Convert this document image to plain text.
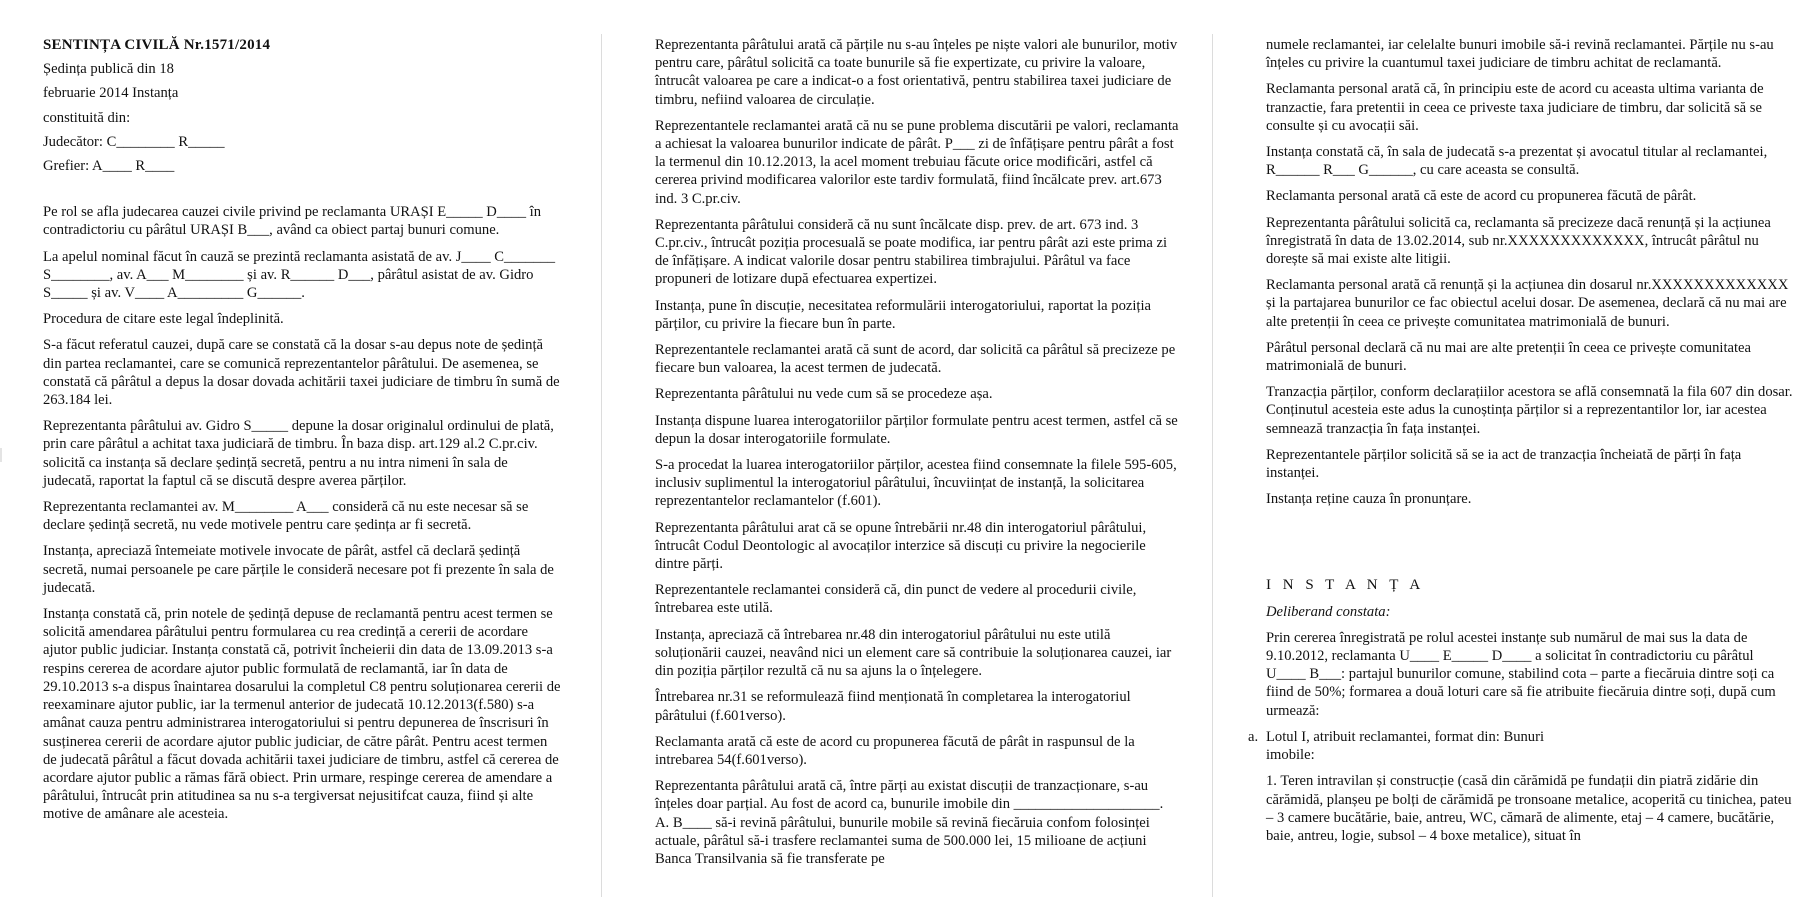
SENTINȚA CIVILĂ Nr.1571/2014

Ședința publică din 18

februarie 2014 Instanța

constituită din:

Judecător: C________ R_____

Grefier: A____ R____

Pe rol se afla judecarea cauzei civile privind pe reclamanta URAȘI E_____ D____ în contradictoriu cu pârâtul URAȘI B___, având ca obiect partaj bunuri comune.

La apelul nominal făcut în cauză se prezintă reclamanta asistată de av. J____ C_______ S________, av. A___ M________ și av. R______ D___, pârâtul asistat de av. Gidro S_____ și av. V____ A_________ G______.

Procedura de citare este legal îndeplinită.

S-a făcut referatul cauzei, după care se constată că la dosar s-au depus note de ședință din partea reclamantei, care se comunică reprezentantelor pârâtului. De asemenea, se constată că pârâtul a depus la dosar dovada achitării taxei judiciare de timbru în sumă de 263.184 lei.

Reprezentanta pârâtului av. Gidro S_____ depune la dosar originalul ordinului de plată, prin care pârâtul a achitat taxa judiciară de timbru. În baza disp. art.129 al.2 C.pr.civ. solicită ca instanța să declare ședință secretă, pentru a nu intra nimeni în sala de judecată, raportat la faptul că se discută despre averea părților.

Reprezentanta reclamantei av. M________ A___ consideră că nu este necesar să se declare ședință secretă, nu vede motivele pentru care ședința ar fi secretă.

Instanța, apreciază întemeiate motivele invocate de pârât, astfel că declară ședință secretă, numai persoanele pe care părțile le consideră necesare pot fi prezente în sala de judecată.

Instanța constată că, prin notele de ședință depuse de reclamantă pentru acest termen se solicită amendarea pârâtului pentru formularea cu rea credință a cererii de acordare ajutor public judiciar. Instanța constată că, potrivit încheierii din data de 13.09.2013 s-a respins cererea de acordare ajutor public formulată de reclamantă, iar în data de 29.10.2013 s-a dispus înaintarea dosarului la completul C8 pentru soluționarea cererii de reexaminare ajutor public, iar la termenul anterior de judecată 10.12.2013(f.580) s-a amânat cauza pentru administrarea interogatoriului si pentru depunerea de înscrisuri în susținerea cererii de acordare ajutor public judiciar, de către pârât. Pentru acest termen de judecată pârâtul a făcut dovada achitării taxei judiciare de timbru, astfel că cererea de acordare ajutor public a rămas fără obiect. Prin urmare, respinge cererea de amendare a pârâtului, întrucât prin atitudinea sa nu s-a tergiversat nejusitifcat cauza, fiind și alte motive de amânare ale acesteia.

Reprezentanta pârâtului arată că părțile nu s-au înțeles pe niște valori ale bunurilor, motiv pentru care, pârâtul solicită ca toate bunurile să fie expertizate, cu privire la valoare, întrucât valoarea pe care a indicat-o a fost orientativă, pentru stabilirea taxei judiciare de timbru, nefiind valoarea de circulație.

Reprezentantele reclamantei arată că nu se pune problema discutării pe valori, reclamanta a achiesat la valoarea bunurilor indicate de pârât. P___ zi de înfățișare pentru pârât a fost la termenul din 10.12.2013, la acel moment trebuiau făcute orice modificări, astfel că cererea privind modificarea valorilor este tardiv formulată, fiind încălcate prev. art.673 ind. 3 C.pr.civ.

Reprezentanta pârâtului consideră că nu sunt încălcate disp. prev. de art. 673 ind. 3 C.pr.civ., întrucât poziția procesuală se poate modifica, iar pentru pârât azi este prima zi de înfățișare. A indicat valorile dosar pentru stabilirea timbrajului. Pârâtul va face propuneri de lotizare după efectuarea expertizei.

Instanța, pune în discuție, necesitatea reformulării interogatoriului, raportat la poziția părților, cu privire la fiecare bun în parte.

Reprezentantele reclamantei arată că sunt de acord, dar solicită ca pârâtul să precizeze pe fiecare bun valoarea, la acest termen de judecată.

Reprezentanta pârâtului nu vede cum să se procedeze așa.

Instanța dispune luarea interogatoriilor părților formulate pentru acest termen, astfel că se depun la dosar interogatoriile formulate.

S-a procedat la luarea interogatoriilor părților, acestea fiind consemnate la filele 595-605, inclusiv suplimentul la interogatoriul pârâtului, încuviințat de instanță, la solicitarea reprezentantelor reclamantelor (f.601).

Reprezentanta pârâtului arat că se opune întrebării nr.48 din interogatoriul pârâtului, întrucât Codul Deontologic al avocaților interzice să discuți cu privire la negocierile dintre părți.

Reprezentantele reclamantei consideră că, din punct de vedere al procedurii civile, întrebarea este utilă.

Instanța, apreciază că întrebarea nr.48 din interogatoriul pârâtului nu este utilă soluționării cauzei, neavând nici un element care să contribuie la soluționarea cauzei, iar din poziția părților rezultă că nu sa ajuns la o înțelegere.

Întrebarea nr.31 se reformulează fiind menționată în completarea la interogatoriul pârâtului (f.601verso).

Reclamanta arată că este de acord cu propunerea făcută de pârât in raspunsul de la intrebarea 54(f.601verso).

Reprezentanta pârâtului arată că, între părți au existat discuții de tranzacționare, s-au înțeles doar parțial. Au fost de acord ca, bunurile imobile din ____________________. A. B____ să-i revină pârâtului, bunurile mobile să revină fiecăruia confom folosinței actuale, pârâtul să-i trasfere reclamantei suma de 500.000 lei, 15 milioane de acțiuni Banca Transilvania să fie transferate pe

numele reclamantei, iar celelalte bunuri imobile să-i revină reclamantei. Părțile nu s-au înțeles cu privire la cuantumul taxei judiciare de timbru achitat de reclamantă.

Reclamanta personal arată că, în principiu este de acord cu aceasta ultima varianta de tranzactie, fara pretentii in ceea ce priveste taxa judiciare de timbru, dar solicită să se consulte și cu avocații săi.

Instanța constată că, în sala de judecată s-a prezentat și avocatul titular al reclamantei, R______ R___ G______, cu care aceasta se consultă.

Reclamanta personal arată că este de acord cu propunerea făcută de pârât.

Reprezentanta pârâtului solicită ca, reclamanta să precizeze dacă renunță și la acțiunea înregistrată în data de 13.02.2014, sub nr.XXXXXXXXXXXXX, întrucât pârâtul nu dorește să mai existe alte litigii.

Reclamanta personal arată că renunță și la acțiunea din dosarul nr.XXXXXXXXXXXXX și la partajarea bunurilor ce fac obiectul acelui dosar. De asemenea, declară că nu mai are alte pretenții în ceea ce privește comunitatea matrimonială de bunuri.

Pârâtul personal declară că nu mai are alte pretenții în ceea ce privește comunitatea matrimonială de bunuri.

Tranzacția părților, conform declarațiilor acestora se află consemnată la fila 607 din dosar. Conținutul acesteia este adus la cunoștința părților si a reprezentantilor lor, iar acestea semnează tranzacția în fața instanței.

Reprezentantele părților solicită să se ia act de tranzacția încheiată de părți în fața instanței.

Instanța reține cauza în pronunțare.

I N S T A N Ț A

Deliberand constata:

Prin cererea înregistrată pe rolul acestei instanțe sub numărul de mai sus la data de 9.10.2012, reclamanta U____ E_____ D____ a solicitat în contradictoriu cu pârâtul U____ B___: partajul bunurilor comune, stabilind cota – parte a fiecăruia dintre soți ca fiind de 50%; formarea a două loturi care să fie atribuite fiecăruia dintre soți, după cum urmează:

a. Lotul I, atribuit reclamantei, format din: Bunuri

imobile:

1. Teren intravilan și construcție (casă din cărămidă pe fundații din piatră zidărie din cărămidă, planșeu pe bolți de cărămidă pe tronsoane metalice, acoperită cu tinichea, pateu – 3 camere bucătărie, baie, antreu, WC, cămară de alimente, etaj – 4 camere, bucătărie, baie, antreu, logie, subsol – 4 boxe metalice), situat în
